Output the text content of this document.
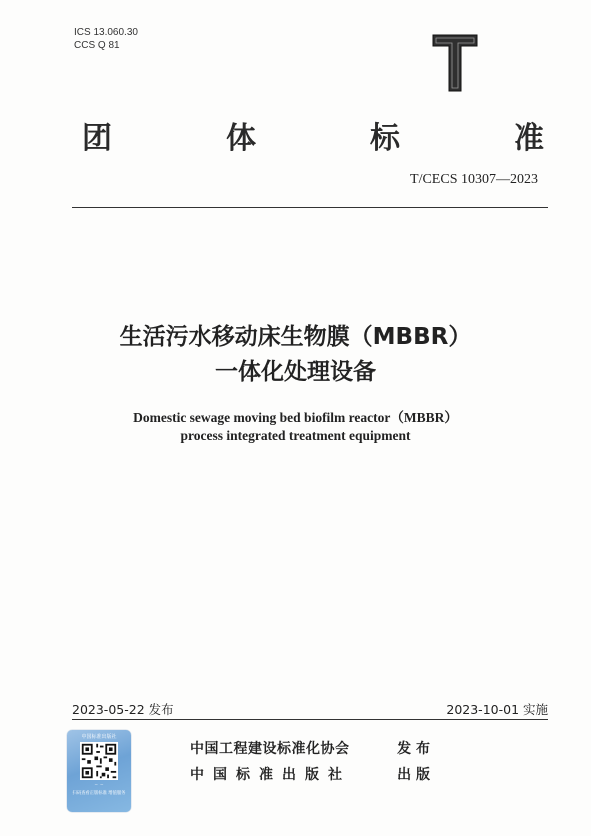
ICS 13.060.30
CCS Q 81
团	体	标	准
T/CECS 10307—2023
生活污水移动床生物膜（MBBR）
一体化处理设备
Domestic sewage moving bed biofilm reactor（MBBR）
process integrated treatment equipment
2023-05-22 发布	2023-10-01 实施
中国工程建设标准化协会	发 布
中国标准出版社	出 版
中国标准出版社
— —
扫码查看正版标准 增值服务
